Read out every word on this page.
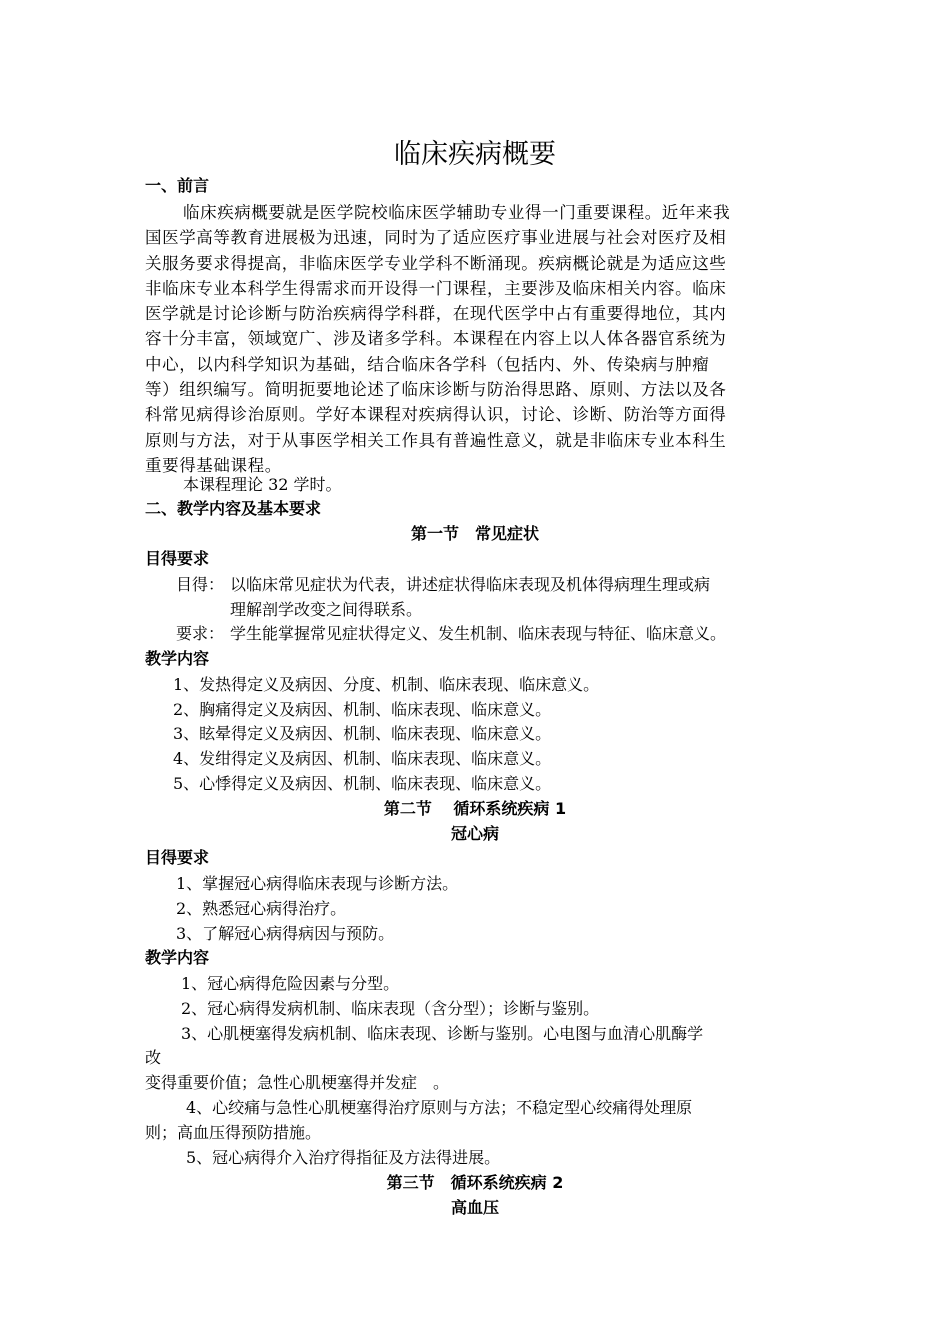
临床疾病概要
一、前言
临床疾病概要就是医学院校临床医学辅助专业得一门重要课程。近年来我
国医学高等教育进展极为迅速，同时为了适应医疗事业进展与社会对医疗及相
关服务要求得提高，非临床医学专业学科不断涌现。疾病概论就是为适应这些
非临床专业本科学生得需求而开设得一门课程，主要涉及临床相关内容。临床
医学就是讨论诊断与防治疾病得学科群，在现代医学中占有重要得地位，其内
容十分丰富，领域宽广、涉及诸多学科。本课程在内容上以人体各器官系统为
中心，以内科学知识为基础，结合临床各学科（包括内、外、传染病与肿瘤
等）组织编写。简明扼要地论述了临床诊断与防治得思路、原则、方法以及各
科常见病得诊治原则。学好本课程对疾病得认识，讨论、诊断、防治等方面得
原则与方法，对于从事医学相关工作具有普遍性意义，就是非临床专业本科生
重要得基础课程。
本课程理论 32 学时。
二、教学内容及基本要求
第一节　常见症状
目得要求
目得： 以临床常见症状为代表，讲述症状得临床表现及机体得病理生理或病
理解剖学改变之间得联系。
要求： 学生能掌握常见症状得定义、发生机制、临床表现与特征、临床意义。
教学内容
1、发热得定义及病因、分度、机制、临床表现、临床意义。
2、胸痛得定义及病因、机制、临床表现、临床意义。
3、眩晕得定义及病因、机制、临床表现、临床意义。
4、发绀得定义及病因、机制、临床表现、临床意义。
5、心悸得定义及病因、机制、临床表现、临床意义。
第二节　 循环系统疾病 1
冠心病
目得要求
1、掌握冠心病得临床表现与诊断方法。
2、熟悉冠心病得治疗。
3、了解冠心病得病因与预防。
教学内容
1、冠心病得危险因素与分型。
2、冠心病得发病机制、临床表现（含分型）；诊断与鉴别。
3、心肌梗塞得发病机制、临床表现、诊断与鉴别。心电图与血清心肌酶学
改
变得重要价值；急性心肌梗塞得并发症　。
4、心绞痛与急性心肌梗塞得治疗原则与方法；不稳定型心绞痛得处理原
则；高血压得预防措施。
5、冠心病得介入治疗得指征及方法得进展。
第三节　循环系统疾病 2
高血压
